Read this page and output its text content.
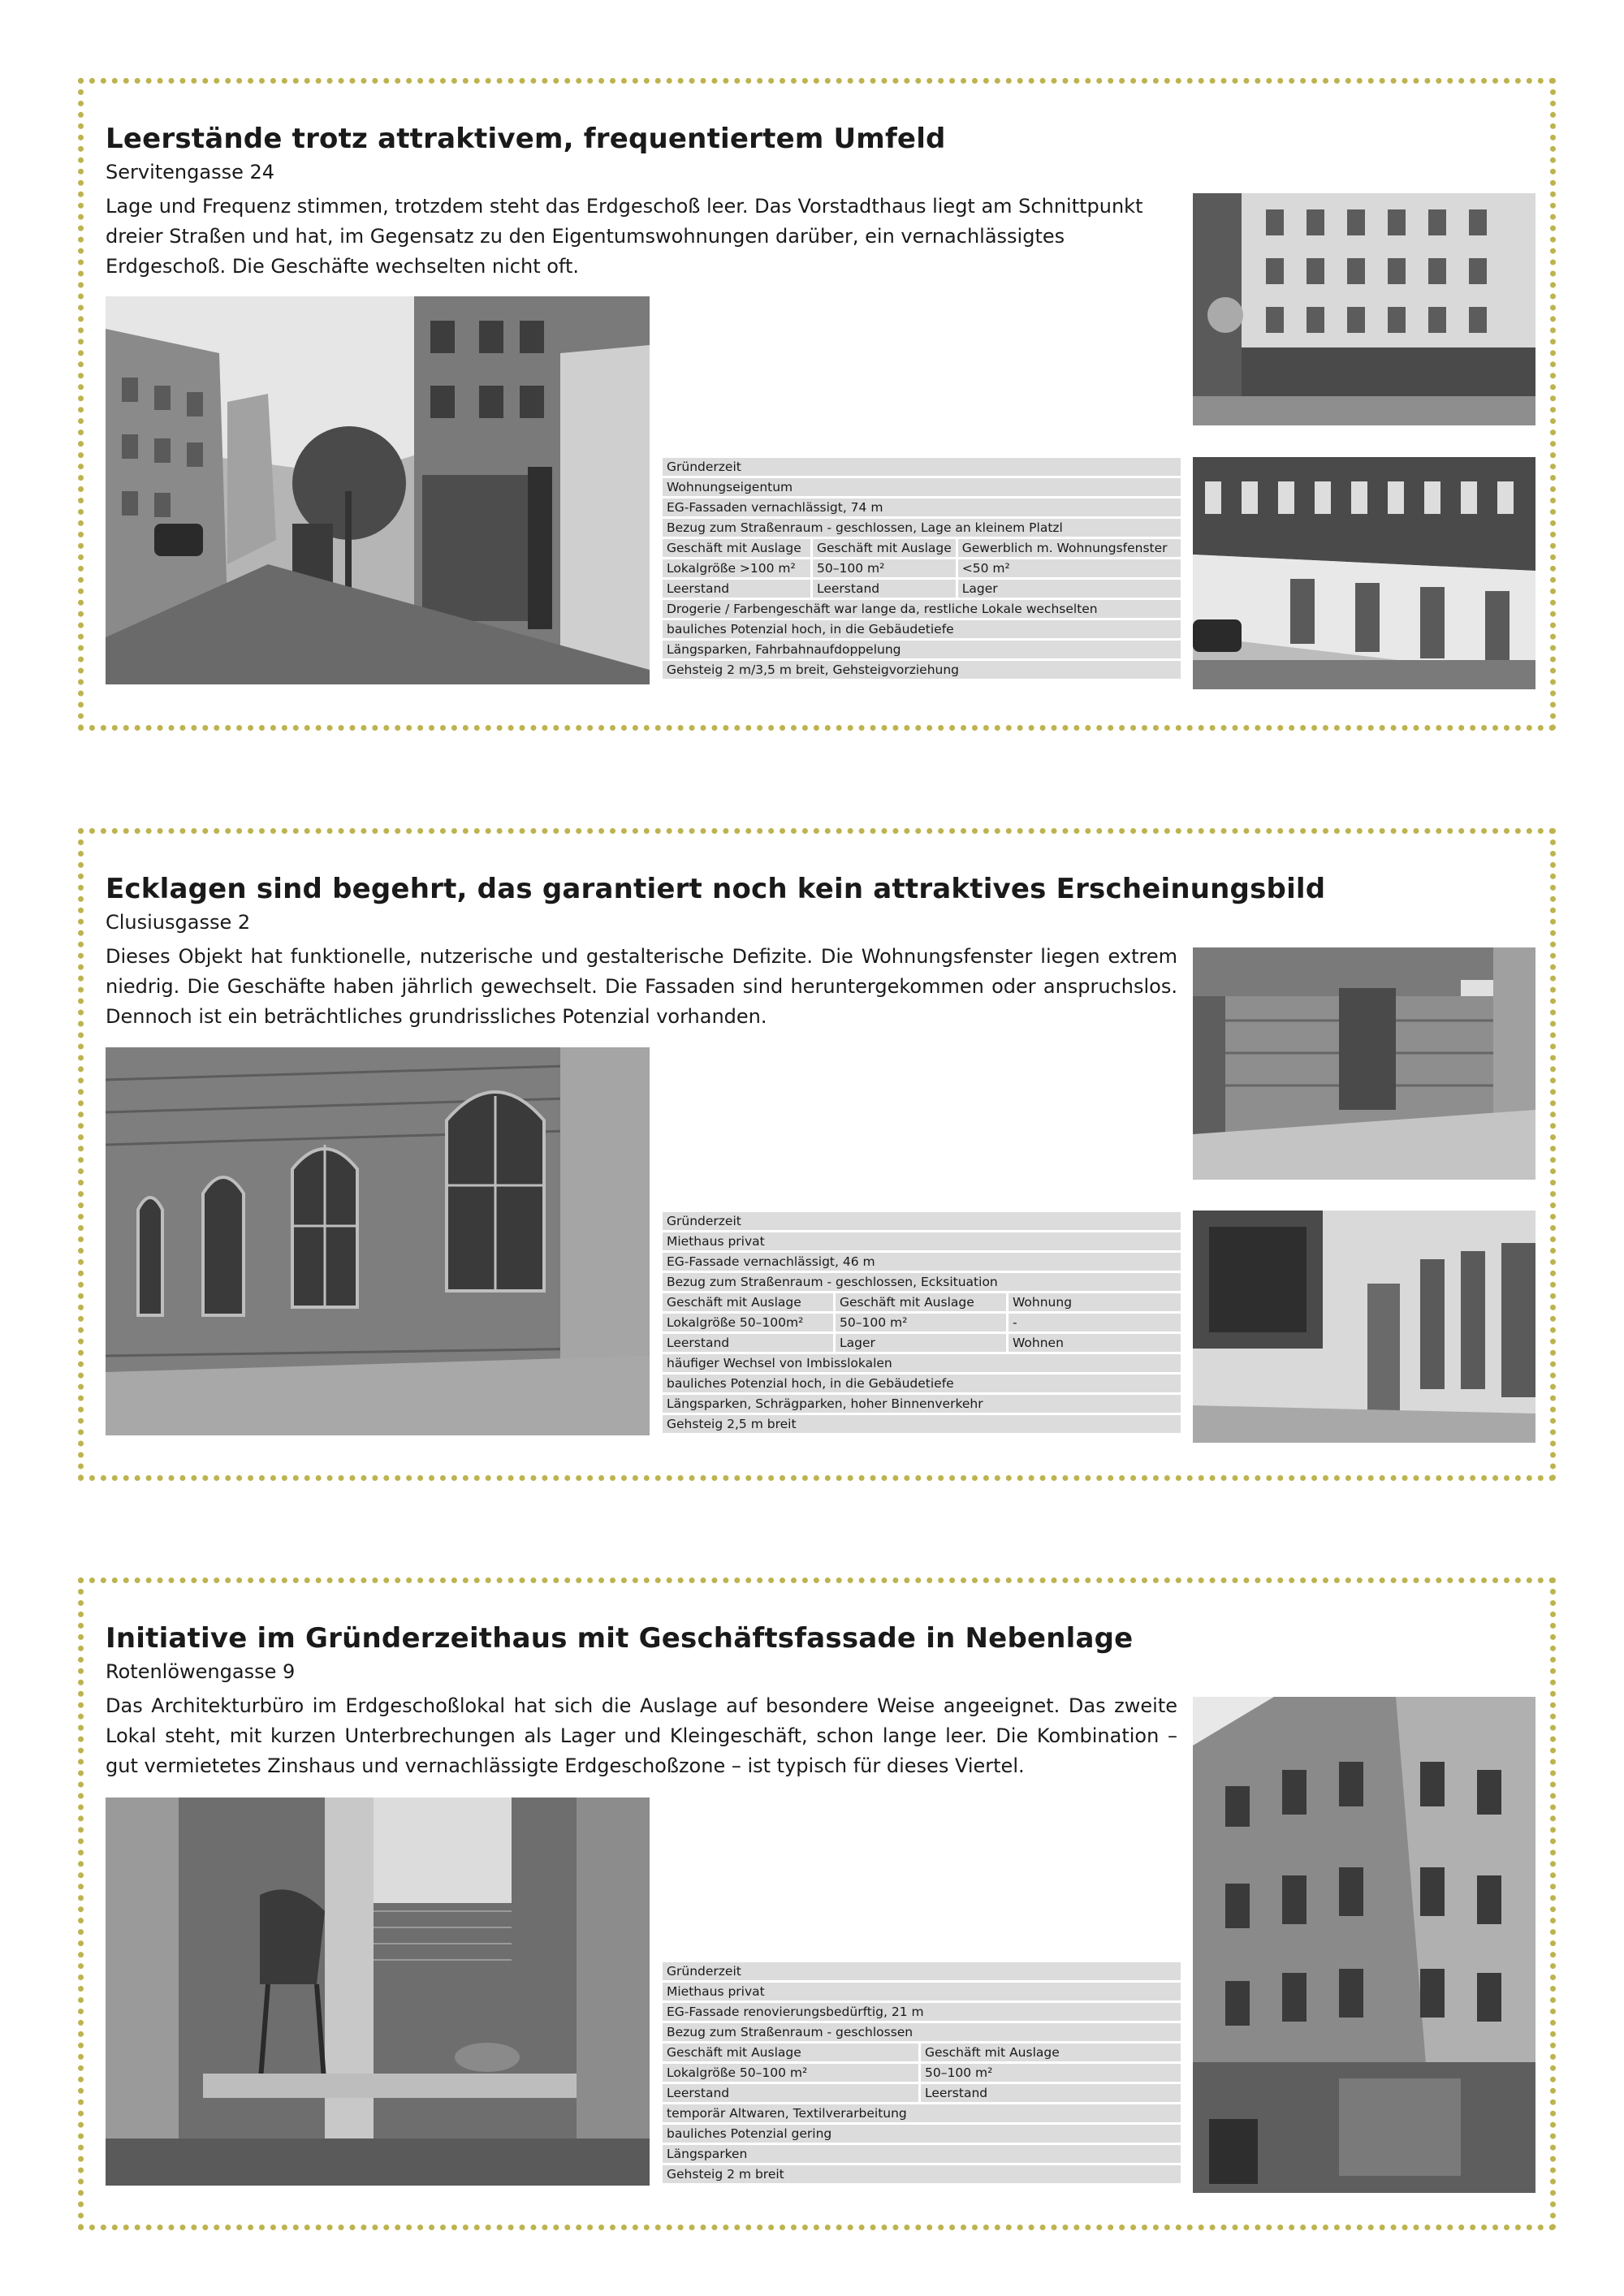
Leerstände trotz attraktivem, frequentiertem Umfeld
Servitengasse 24

Lage und Frequenz stimmen, trotzdem steht das Erdgeschoß leer. Das Vorstadthaus liegt am Schnittpunkt dreier Straßen und hat, im Gegensatz zu den Eigentumswohnungen darüber, ein vernachlässigtes Erdgeschoß. Die Geschäfte wechselten nicht oft.

Gründerzeit		
Wohnungseigentum		
EG-Fassaden vernachlässigt, 74 m		
Bezug zum Straßenraum - geschlossen, Lage an kleinem Platzl		
Geschäft mit Auslage	Geschäft mit Auslage	Gewerblich m. Wohnungsfenster
Lokalgröße >100 m²	50–100 m²	<50 m²
Leerstand	Leerstand	Lager
Drogerie / Farbengeschäft war lange da, restliche Lokale wechselten		
bauliches Potenzial hoch, in die Gebäudetiefe		
Längsparken, Fahrbahnaufdoppelung		
Gehsteig 2 m/3,5 m breit, Gehsteigvorziehung		
Ecklagen sind begehrt, das garantiert noch kein attraktives Erscheinungsbild
Clusiusgasse 2

Dieses Objekt hat funktionelle, nutzerische und gestalterische Defizite. Die Wohnungsfenster liegen extrem niedrig. Die Geschäfte haben jährlich gewechselt. Die Fassaden sind heruntergekommen oder anspruchslos. Dennoch ist ein beträchtliches grundrissliches Potenzial vorhanden.

Gründerzeit		
Miethaus privat		
EG-Fassade vernachlässigt, 46 m		
Bezug zum Straßenraum - geschlossen, Ecksituation		
Geschäft mit Auslage	Geschäft mit Auslage	Wohnung
Lokalgröße 50–100m²	50–100 m²	-
Leerstand	Lager	Wohnen
häufiger Wechsel von Imbisslokalen		
bauliches Potenzial hoch, in die Gebäudetiefe		
Längsparken, Schrägparken, hoher Binnenverkehr		
Gehsteig 2,5 m breit		
Initiative im Gründerzeithaus mit Geschäftsfassade in Nebenlage
Rotenlöwengasse 9

Das Architekturbüro im Erdgeschoßlokal hat sich die Auslage auf besondere Weise angeeignet. Das zweite Lokal steht, mit kurzen Unterbrechungen als Lager und Kleingeschäft, schon lange leer. Die Kombination – gut vermietetes Zinshaus und vernachlässigte Erdgeschoßzone – ist typisch für dieses Viertel.

Gründerzeit	
Miethaus privat	
EG-Fassade renovierungsbedürftig, 21 m	
Bezug zum Straßenraum - geschlossen	
Geschäft mit Auslage	Geschäft mit Auslage
Lokalgröße 50–100 m²	50–100 m²
Leerstand	Leerstand
temporär Altwaren, Textilverarbeitung	
bauliches Potenzial gering	
Längsparken	
Gehsteig 2 m breit	
